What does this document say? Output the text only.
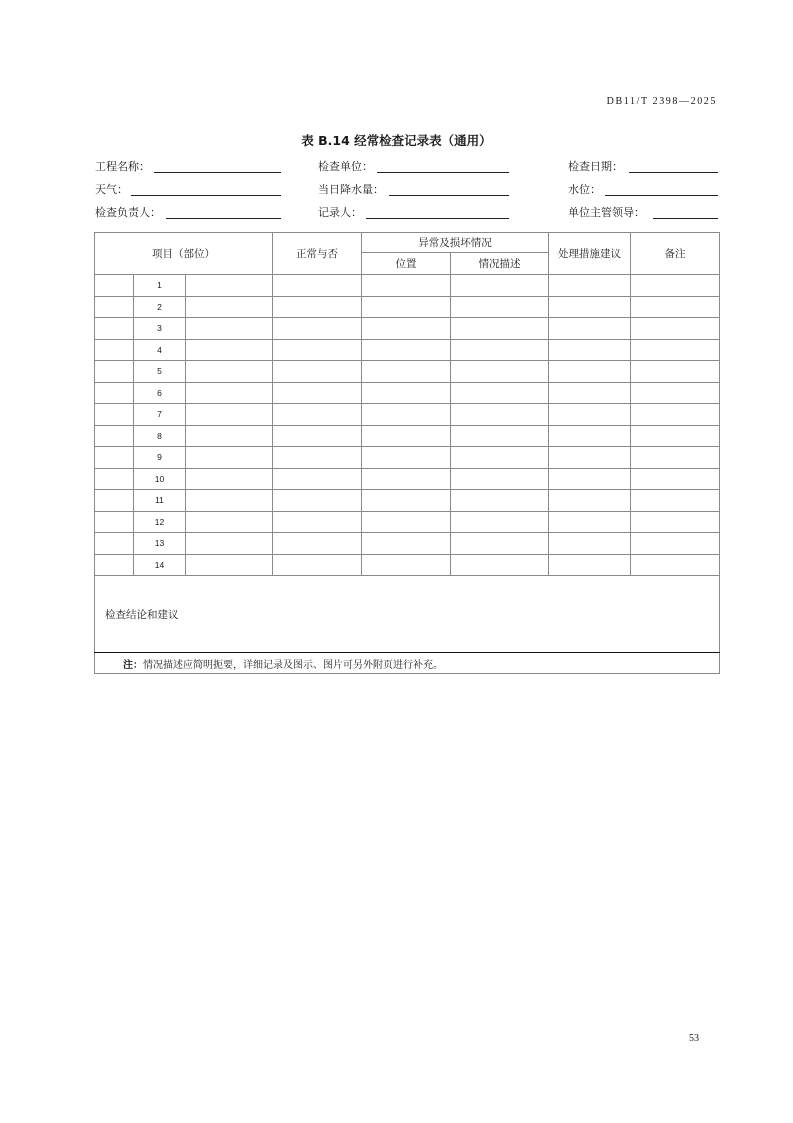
DB11/T 2398—2025
表 B.14 经常检查记录表（通用）
工程名称：	检查单位：	检查日期：
天气：	当日降水量：	水位：
检查负责人：	记录人：	单位主管领导：
项目（部位）			正常与否	异常及损坏情况		处理措施建议	备注
				位置	情况描述		
	1						
	2						
	3						
	4						
	5						
	6						
	7						
	8						
	9						
	10						
	11						
	12						
	13						
	14						
检查结论和建议							
注：情况描述应简明扼要，详细记录及图示、图片可另外附页进行补充。							
53
